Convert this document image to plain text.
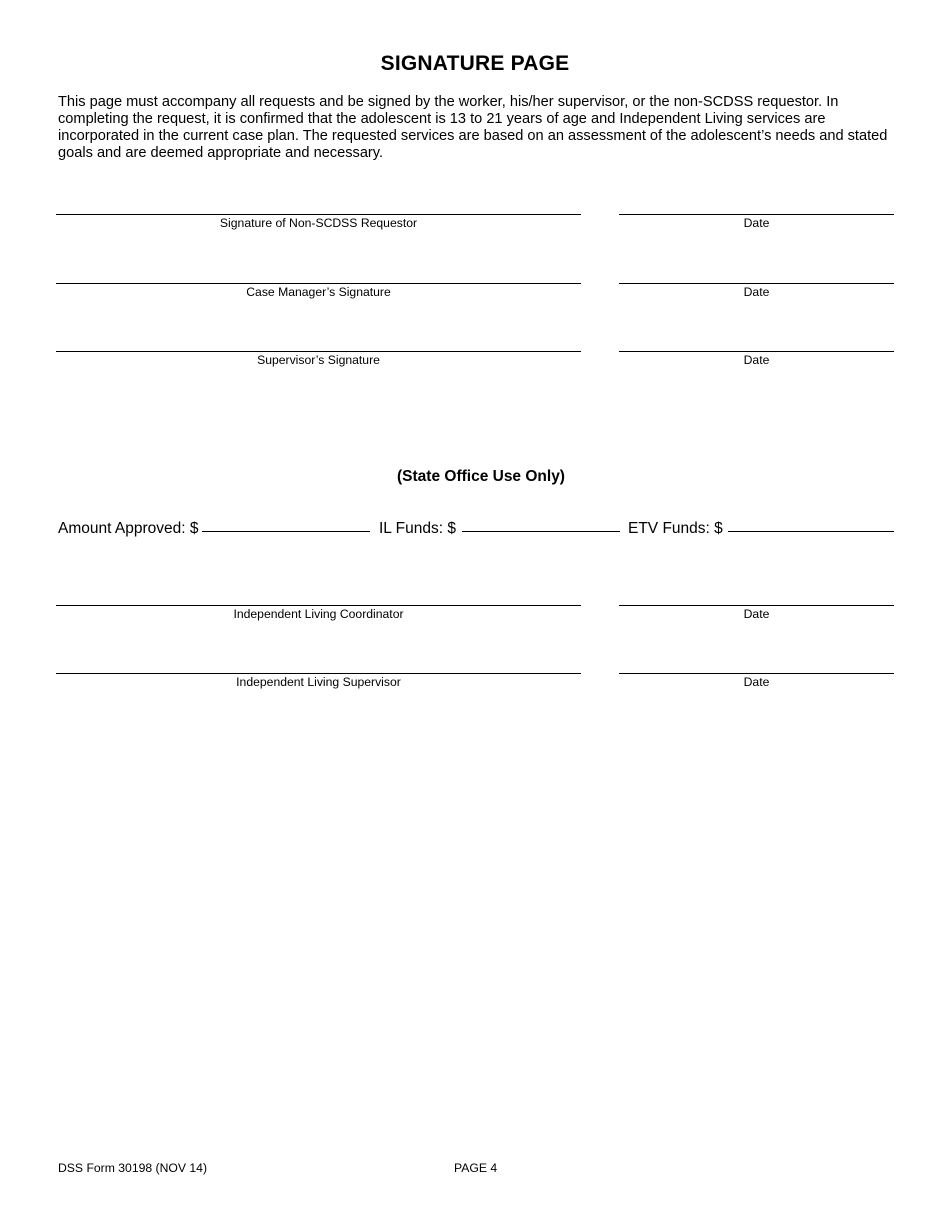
SIGNATURE PAGE
This page must accompany all requests and be signed by the worker, his/her supervisor, or the non-SCDSS requestor. In completing the request, it is confirmed that the adolescent is 13 to 21 years of age and Independent Living services are incorporated in the current case plan. The requested services are based on an assessment of the adolescent’s needs and stated goals and are deemed appropriate and necessary.
Signature of Non-SCDSS Requestor	Date
Case Manager’s Signature	Date
Supervisor’s Signature	Date
(State Office Use Only)
Amount Approved: $	IL Funds: $	ETV Funds: $
Independent Living Coordinator	Date
Independent Living Supervisor	Date
DSS Form 30198 (NOV 14)	PAGE 4
